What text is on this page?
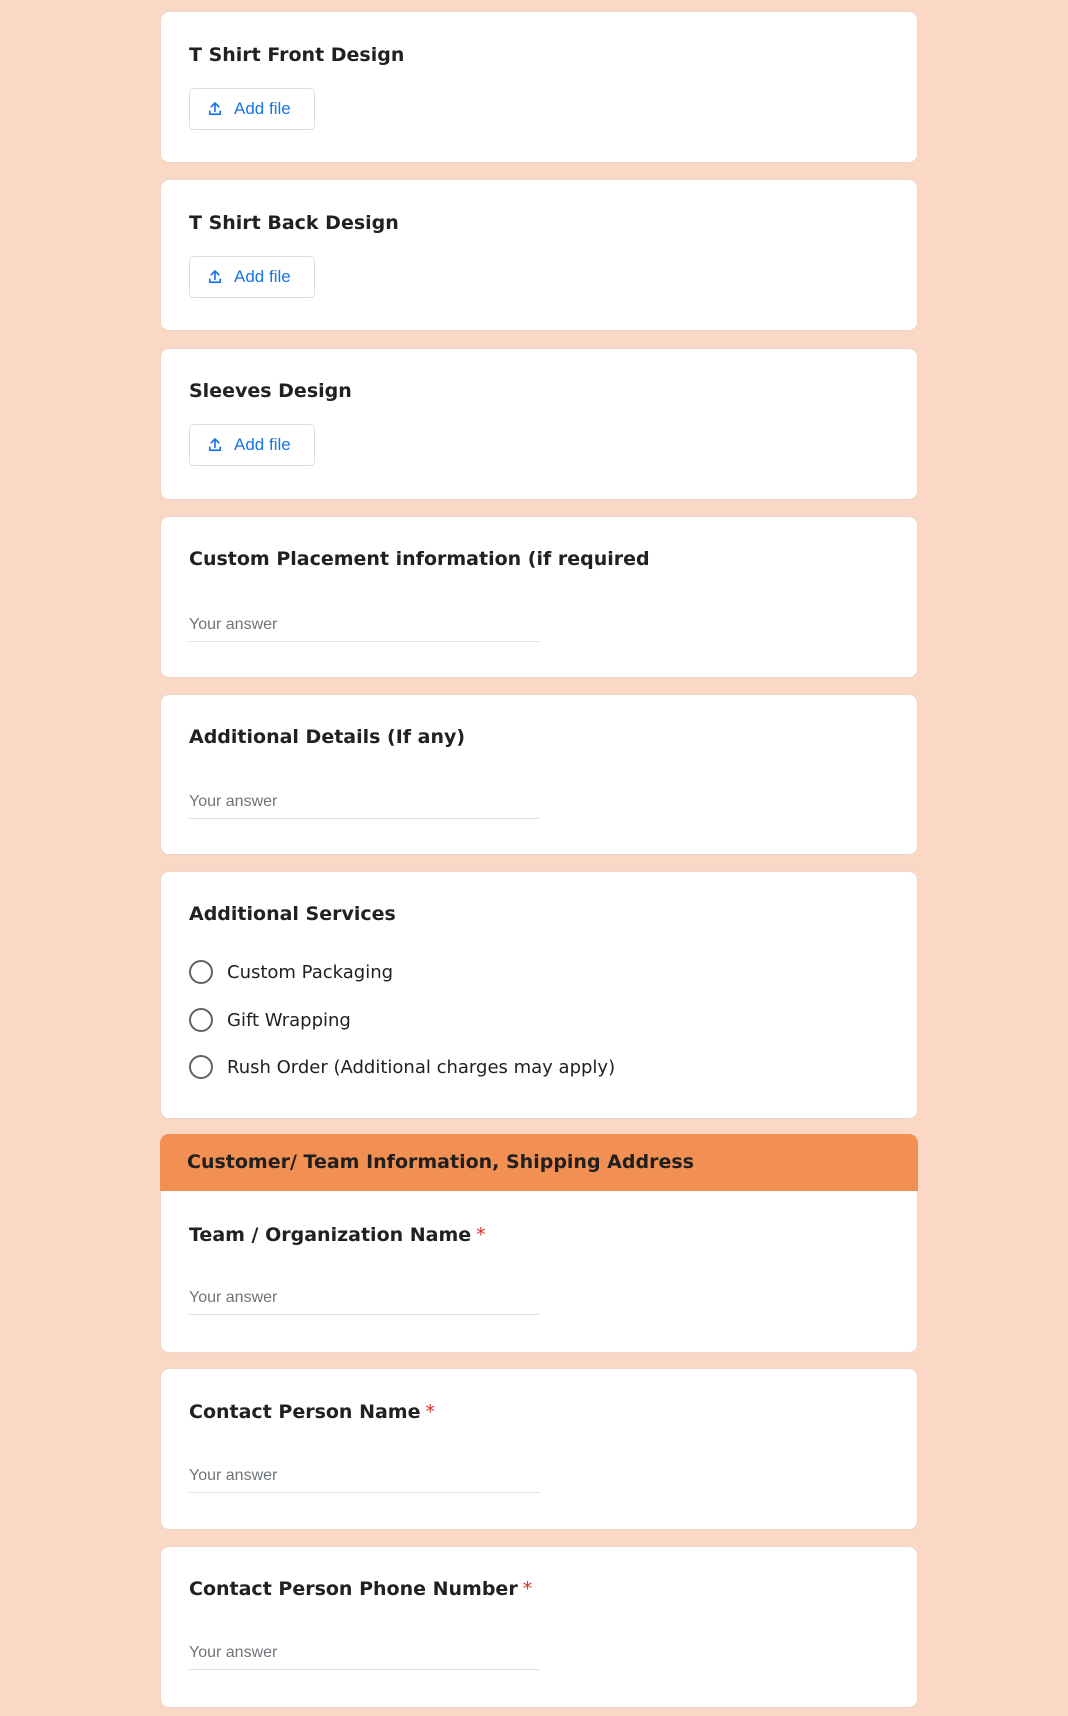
T Shirt Front Design
Add file
T Shirt Back Design
Add file
Sleeves Design
Add file
Custom Placement information (if required
Your answer
Additional Details (If any)
Your answer
Additional Services
Custom Packaging
Gift Wrapping
Rush Order (Additional charges may apply)
Team / Organization Name *
Your answer
Customer/ Team Information, Shipping Address
Contact Person Name *
Your answer
Contact Person Phone Number *
Your answer
